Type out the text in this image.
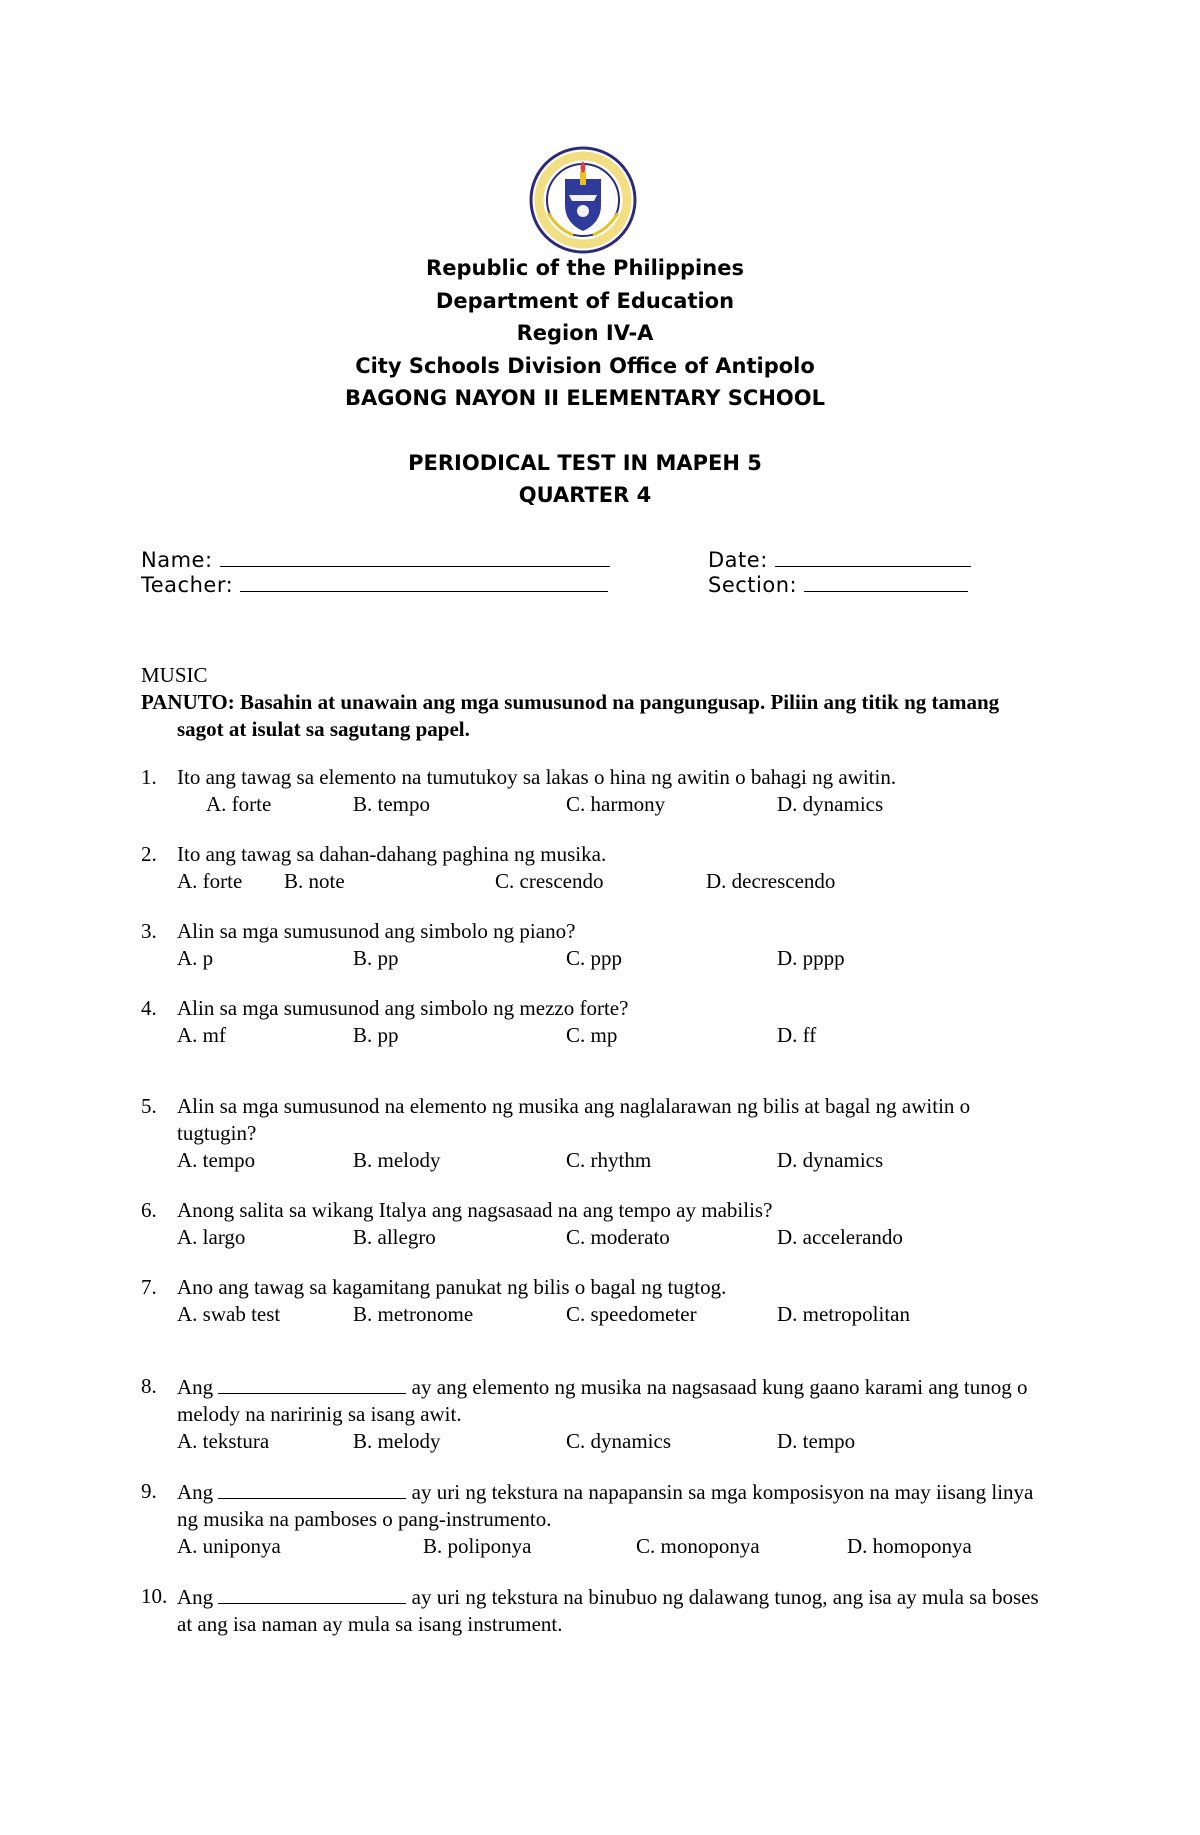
Republic of the Philippines
Department of Education
Region IV-A
City Schools Division Office of Antipolo
BAGONG NAYON II ELEMENTARY SCHOOL
PERIODICAL TEST IN MAPEH 5
QUARTER 4
Name:	Date:
Teacher:	Section:
MUSIC

PANUTO: Basahin at unawain ang mga sumusunod na pangungusap. Piliin ang titik ng tamang sagot at isulat sa sagutang papel.

1. Ito ang tawag sa elemento na tumutukoy sa lakas o hina ng awitin o bahagi ng awitin.
A. forte	B. tempo	C. harmony	D. dynamics
2. Ito ang tawag sa dahan-dahang paghina ng musika.
A. forte B. note	C. crescendo	D. decrescendo
3. Alin sa mga sumusunod ang simbolo ng piano?
A. p	B. pp	C. ppp	D. pppp
4. Alin sa mga sumusunod ang simbolo ng mezzo forte?
A. mf	B. pp	C. mp	D. ff
5. Alin sa mga sumusunod na elemento ng musika ang naglalarawan ng bilis at bagal ng awitin o tugtugin?
A. tempo	B. melody	C. rhythm	D. dynamics
6. Anong salita sa wikang Italya ang nagsasaad na ang tempo ay mabilis?
A. largo	B. allegro	C. moderato	D. accelerando
7. Ano ang tawag sa kagamitang panukat ng bilis o bagal ng tugtog.
A. swab test	B. metronome	C. speedometer	D. metropolitan
8. Ang	ay ang elemento ng musika na nagsasaad kung gaano karami ang tunog o melody na naririnig sa isang awit.
A. tekstura	B. melody	C. dynamics	D. tempo
9. Ang	ay uri ng tekstura na napapansin sa mga komposisyon na may iisang linya ng musika na pamboses o pang-instrumento.
A. uniponya	B. poliponya	C. monoponya	D. homoponya
10. Ang	ay uri ng tekstura na binubuo ng dalawang tunog, ang isa ay mula sa boses at ang isa naman ay mula sa isang instrument.
